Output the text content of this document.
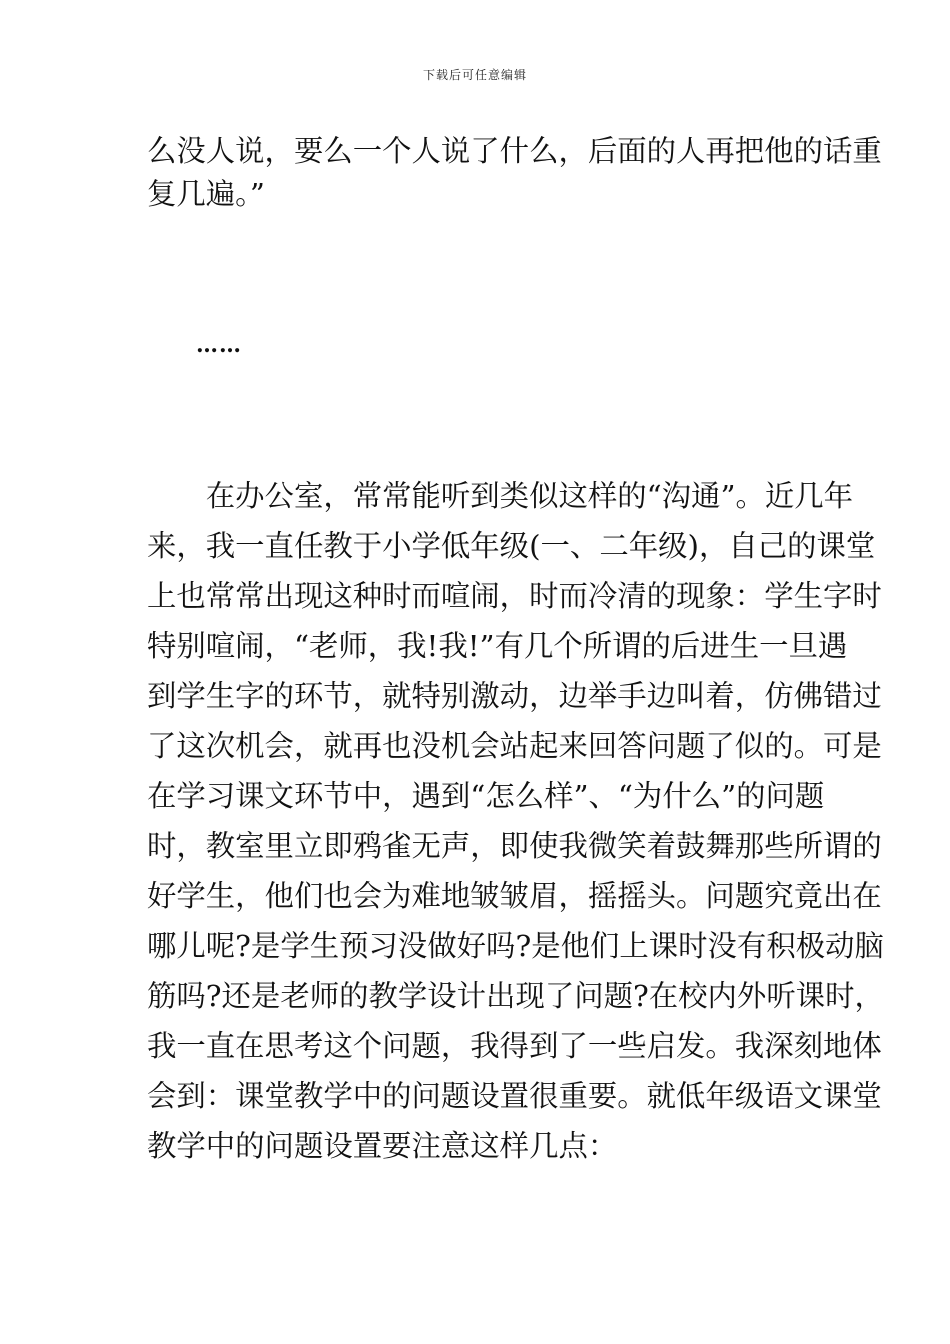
下载后可任意编辑
么没人说，要么一个人说了什么，后面的人再把他的话重
复几遍。”
……
　　在办公室，常常能听到类似这样的“沟通”。近几年
来，我一直任教于小学低年级(一、二年级)，自己的课堂
上也常常出现这种时而喧闹，时而冷清的现象：学生字时
特别喧闹，“老师，我!我!”有几个所谓的后进生一旦遇
到学生字的环节，就特别激动，边举手边叫着，仿佛错过
了这次机会，就再也没机会站起来回答问题了似的。可是
在学习课文环节中，遇到“怎么样”、“为什么”的问题
时，教室里立即鸦雀无声，即使我微笑着鼓舞那些所谓的
好学生，他们也会为难地皱皱眉，摇摇头。问题究竟出在
哪儿呢?是学生预习没做好吗?是他们上课时没有积极动脑
筋吗?还是老师的教学设计出现了问题?在校内外听课时，
我一直在思考这个问题，我得到了一些启发。我深刻地体
会到：课堂教学中的问题设置很重要。就低年级语文课堂
教学中的问题设置要注意这样几点：
